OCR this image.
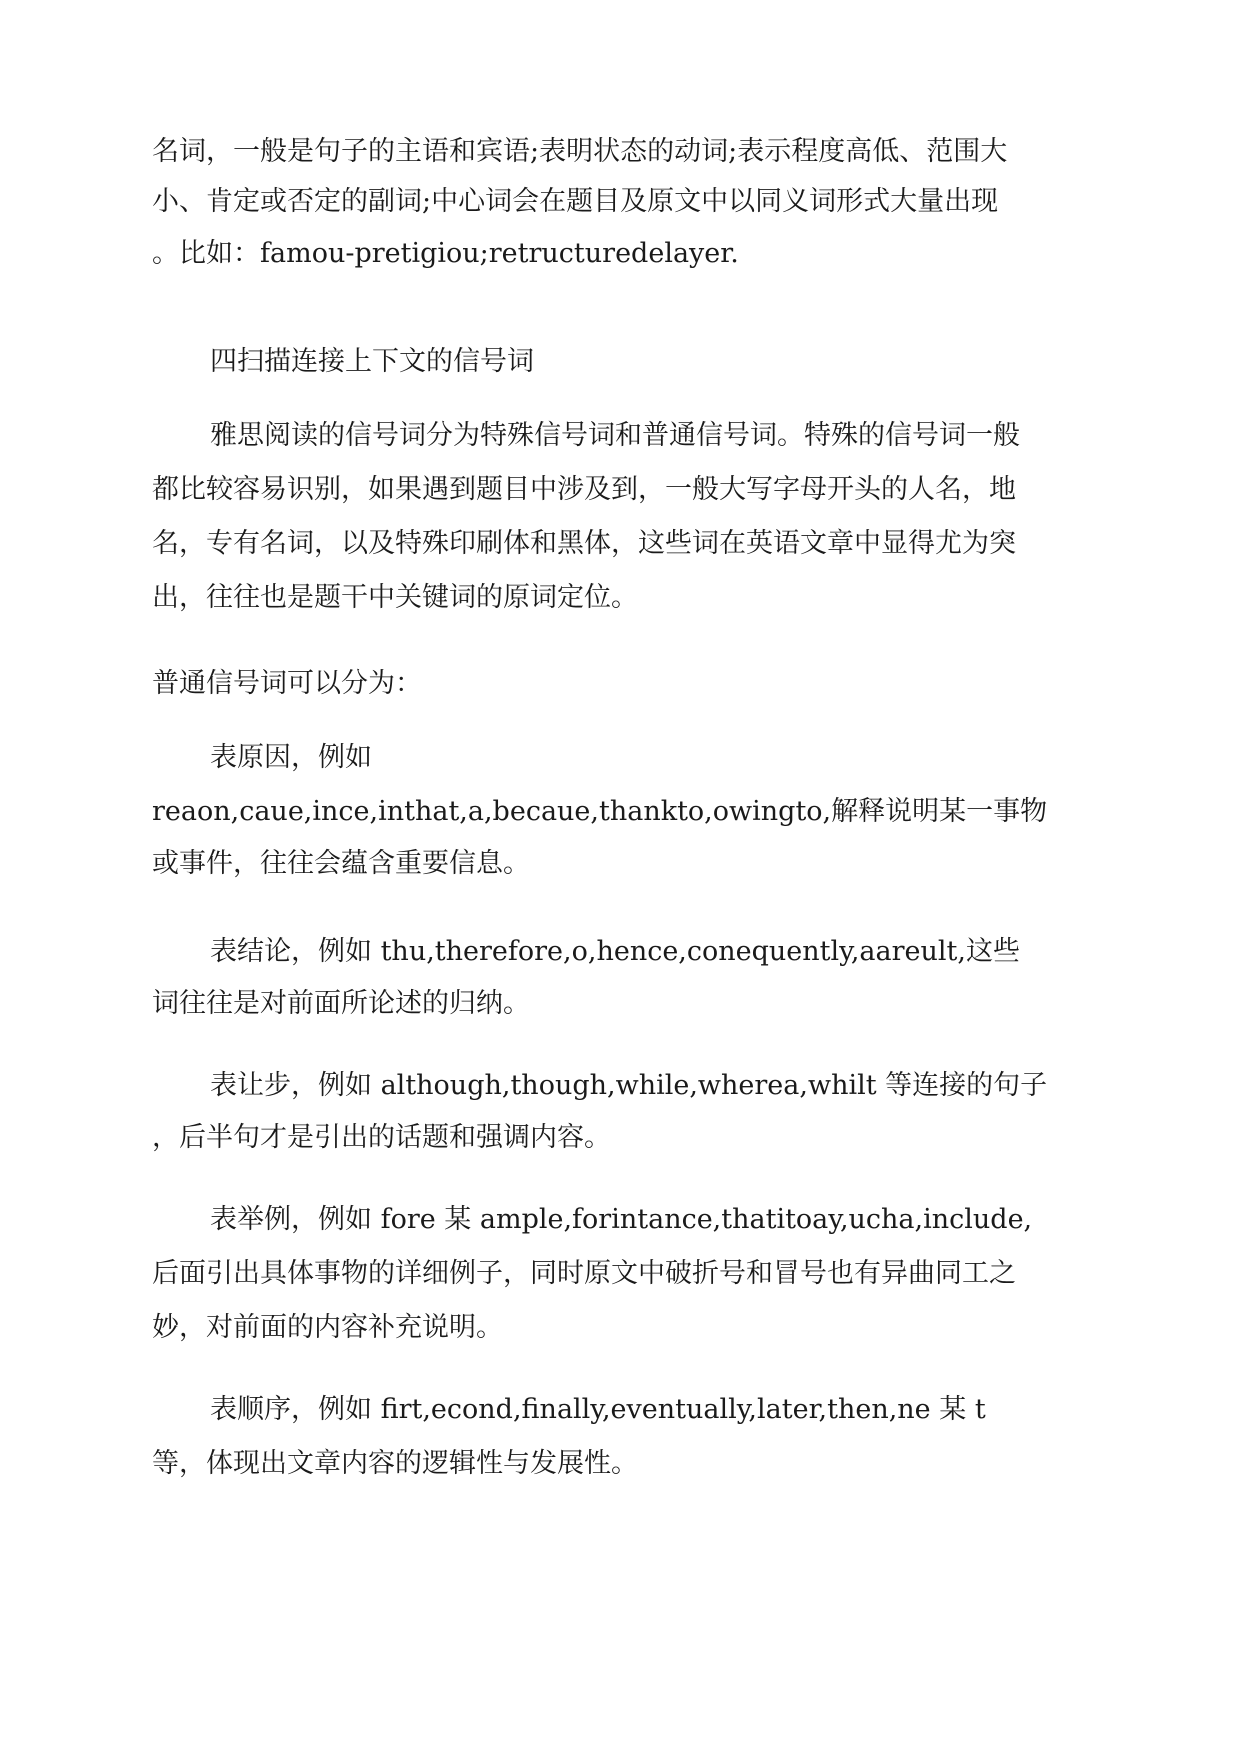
名词，一般是句子的主语和宾语;表明状态的动词;表示程度高低、范围大
小、肯定或否定的副词;中心词会在题目及原文中以同义词形式大量出现
。比如：famou-pretigiou;retructuredelayer.
四扫描连接上下文的信号词
雅思阅读的信号词分为特殊信号词和普通信号词。特殊的信号词一般
都比较容易识别，如果遇到题目中涉及到，一般大写字母开头的人名，地
名，专有名词，以及特殊印刷体和黑体，这些词在英语文章中显得尤为突
出，往往也是题干中关键词的原词定位。
普通信号词可以分为：
表原因，例如
reaon,caue,ince,inthat,a,becaue,thankto,owingto,解释说明某一事物
或事件，往往会蕴含重要信息。
表结论，例如 thu,therefore,o,hence,conequently,aareult,这些
词往往是对前面所论述的归纳。
表让步，例如 although,though,while,wherea,whilt 等连接的句子
，后半句才是引出的话题和强调内容。
表举例，例如 fore 某 ample,forintance,thatitoay,ucha,include,
后面引出具体事物的详细例子，同时原文中破折号和冒号也有异曲同工之
妙，对前面的内容补充说明。
表顺序，例如 firt,econd,finally,eventually,later,then,ne 某 t
等，体现出文章内容的逻辑性与发展性。
